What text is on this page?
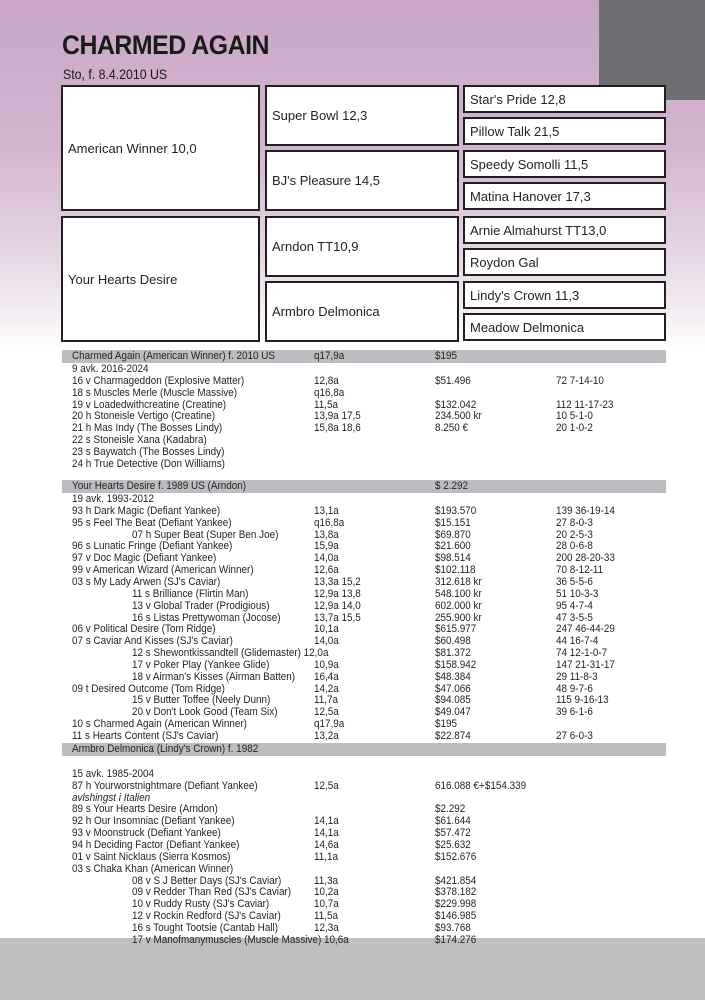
CHARMED AGAIN
Sto, f. 8.4.2010 US
American Winner 10,0
Your Hearts Desire
Super Bowl 12,3
BJ's Pleasure 14,5
Arndon TT10,9
Armbro Delmonica
Star's Pride 12,8
Pillow Talk 21,5
Speedy Somolli 11,5
Matina Hanover 17,3
Arnie Almahurst TT13,0
Roydon Gal
Lindy's Crown 11,3
Meadow Delmonica
Charmed Again (American Winner) f. 2010 US	q17,9a	$195
9 avk. 2016-2024
16 v Charmageddon (Explosive Matter)	12,8a	$51.496	72 7-14-10
18 s Muscles Merle (Muscle Massive)	q16,8a
19 v Loadedwithcreatine (Creatine)	11,5a	$132.042	112 11-17-23
20 h Stoneisle Vertigo (Creatine)	13,9a 17,5	234.500 kr	10 5-1-0
21 h Mas Indy (The Bosses Lindy)	15,8a 18,6	8.250 €	20 1-0-2
22 s Stoneisle Xana (Kadabra)
23 s Baywatch (The Bosses Lindy)
24 h True Detective (Don Williams)
Your Hearts Desire f. 1989 US (Arndon)	$ 2.292
19 avk. 1993-2012
93 h Dark Magic (Defiant Yankee)	13,1a	$193.570	139 36-19-14
95 s Feel The Beat (Defiant Yankee)	q16,8a	$15.151	27 8-0-3
07 h Super Beat (Super Ben Joe)	13,8a	$69.870	20 2-5-3
96 s Lunatic Fringe (Defiant Yankee)	15,9a	$21.600	28 0-6-8
97 v Doc Magic (Defiant Yankee)	14,0a	$98.514	200 28-20-33
99 v American Wizard (American Winner)	12,6a	$102.118	70 8-12-11
03 s My Lady Arwen (SJ's Caviar)	13,3a 15,2	312.618 kr	36 5-5-6
11 s Brilliance (Flirtin Man)	12,9a 13,8	548.100 kr	51 10-3-3
13 v Global Trader (Prodigious)	12,9a 14,0	602.000 kr	95 4-7-4
16 s Listas Prettywoman (Jocose)	13,7a 15,5	255.900 kr	47 3-5-5
06 v Political Desire (Tom Ridge)	10,1a	$615.977	247 46-44-29
07 s Caviar And Kisses (SJ's Caviar)	14,0a	$60.498	44 16-7-4
12 s Shewontkissandtell (Glidemaster) 12,0a	$81.372	74 12-1-0-7
17 v Poker Play (Yankee Glide)	10,9a	$158.942	147 21-31-17
18 v Airman's Kisses (Airman Batten) 16,4a	$48.384	29 11-8-3
09 t Desired Outcome (Tom Ridge)	14,2a	$47.066	48 9-7-6
15 v Butter Toffee (Neely Dunn)	11,7a	$94.085	115 9-16-13
20 v Don't Look Good (Team Six)	12,5a	$49.047	39 6-1-6
10 s Charmed Again (American Winner)	q17,9a	$195
11 s Hearts Content (SJ's Caviar)	13,2a	$22.874	27 6-0-3
Armbro Delmonica (Lindy's Crown) f. 1982
15 avk. 1985-2004
87 h Yourworstnightmare (Defiant Yankee)	12,5a	616.088 €+$154.339
avlshingst i Italien
89 s Your Hearts Desire (Arndon)	$2.292
92 h Our Insomniac (Defiant Yankee)	14,1a	$61.644
93 v Moonstruck (Defiant Yankee)	14,1a	$57.472
94 h Deciding Factor (Defiant Yankee)	14,6a	$25.632
01 v Saint Nicklaus (Sierra Kosmos)	11,1a	$152.676
03 s Chaka Khan (American Winner)
08 v S J Better Days (SJ's Caviar)	11,3a	$421.854
09 v Redder Than Red (SJ's Caviar) 10,2a	$378.182
10 v Ruddy Rusty (SJ's Caviar)	10,7a	$229.998
12 v Rockin Redford (SJ's Caviar)	11,5a	$146.985
16 s Tought Tootsie (Cantab Hall)	12,3a	$93.768
17 v Manofmanymuscles (Muscle Massive) 10,6a	$174.276
